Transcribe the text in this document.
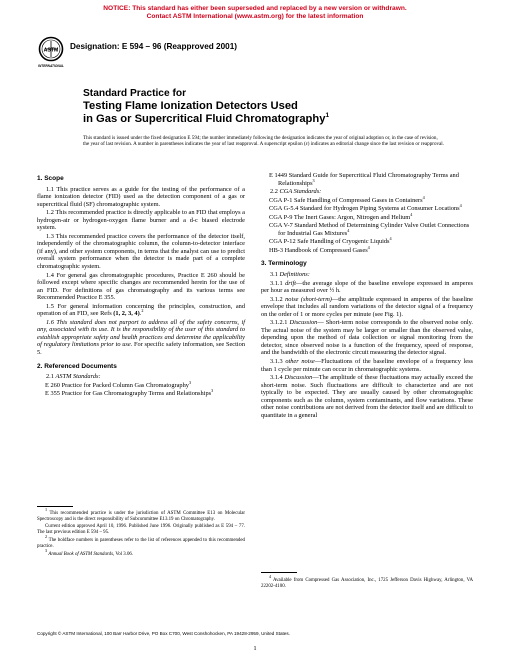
NOTICE: This standard has either been superseded and replaced by a new version or withdrawn.
Contact ASTM International (www.astm.org) for the latest information
ASTM
INTERNATIONAL
Designation: E 594 – 96 (Reapproved 2001)
Standard Practice for
Testing Flame Ionization Detectors Used
in Gas or Supercritical Fluid Chromatography$^1$
This standard is issued under the fixed designation E 594; the number immediately following the designation indicates the year of original adoption or, in the case of revision, the year of last revision. A number in parentheses indicates the year of last reapproval. A superscript epsilon (ε) indicates an editorial change since the last revision or reapproval.
1. Scope

1.1 This practice serves as a guide for the testing of the performance of a flame ionization detector (FID) used as the detection component of a gas or supercritical fluid (SF) chromatographic system.

1.2 This recommended practice is directly applicable to an FID that employs a hydrogen-air or hydrogen-oxygen flame burner and a d-c biased electrode system.

1.3 This recommended practice covers the performance of the detector itself, independently of the chromatographic column, the column-to-detector interface (if any), and other system components, in terms that the analyst can use to predict overall system performance when the detector is made part of a complete chromatographic system.

1.4 For general gas chromatographic procedures, Practice E 260 should be followed except where specific changes are recommended herein for the use of an FID. For definitions of gas chromatography and its various terms see Recommended Practice E 355.

1.5 For general information concerning the principles, construction, and operation of an FID, see Refs (1, 2, 3, 4).$^2$

1.6 This standard does not purport to address all of the safety concerns, if any, associated with its use. It is the responsibility of the user of this standard to establish appropriate safety and health practices and determine the applicability of regulatory limitations prior to use. For specific safety information, see Section 5.

2. Referenced Documents

2.1 ASTM Standards:

E 260 Practice for Packed Column Gas Chromatography$^3$

E 355 Practice for Gas Chromatography Terms and Relationships$^3$

$^1$ This recommended practice is under the jurisdiction of ASTM Committee E13 on Molecular Spectroscopy and is the direct responsibility of Subcommittee E13.19 on Chromatography.

Current edition approved April 10, 1996. Published June 1996. Originally published as E 594 – 77. The last previous edition E 594 – 95.

$^2$ The boldface numbers in parentheses refer to the list of references appended to this recommended practice.

$^3$ Annual Book of ASTM Standards, Vol 3.06.

E 1449 Standard Guide for Supercritical Fluid Chromatography Terms and Relationships$^3$

2.2 CGA Standards:

CGA P-1 Safe Handling of Compressed Gases in Containers$^4$

CGA G-5.4 Standard for Hydrogen Piping Systems at Consumer Locations$^4$

CGA P-9 The Inert Gases: Argon, Nitrogen and Helium$^4$

CGA V-7 Standard Method of Determining Cylinder Valve Outlet Connections for Industrial Gas Mixtures$^4$

CGA P-12 Safe Handling of Cryogenic Liquids$^4$

HB-3 Handbook of Compressed Gases$^4$

3. Terminology

3.1 Definitions:

3.1.1 drift—the average slope of the baseline envelope expressed in amperes per hour as measured over ½ h.

3.1.2 noise (short-term)—the amplitude expressed in amperes of the baseline envelope that includes all random variations of the detector signal of a frequency on the order of 1 or more cycles per minute (see Fig. 1).

3.1.2.1 Discussion— Short-term noise corresponds to the observed noise only. The actual noise of the system may be larger or smaller than the observed value, depending upon the method of data collection or signal monitoring from the detector, since observed noise is a function of the frequency, speed of response, and the bandwidth of the electronic circuit measuring the detector signal.

3.1.3 other noise—Fluctuations of the baseline envelope of a frequency less than 1 cycle per minute can occur in chromatographic systems.

3.1.4 Discussion—The amplitude of these fluctuations may actually exceed the short-term noise. Such fluctuations are difficult to characterize and are not typically to be expected. They are usually caused by other chromatographic components such as the column, system contaminants, and flow variations. These other noise contributions are not derived from the detector itself and are difficult to quantitate in a general

$^4$ Available from Compressed Gas Association, Inc., 1725 Jefferson Davis Highway, Arlington, VA 22202-4100.

Copyright © ASTM International, 100 Barr Harbor Drive, PO Box C700, West Conshohocken, PA 19428-2959, United States.
1
